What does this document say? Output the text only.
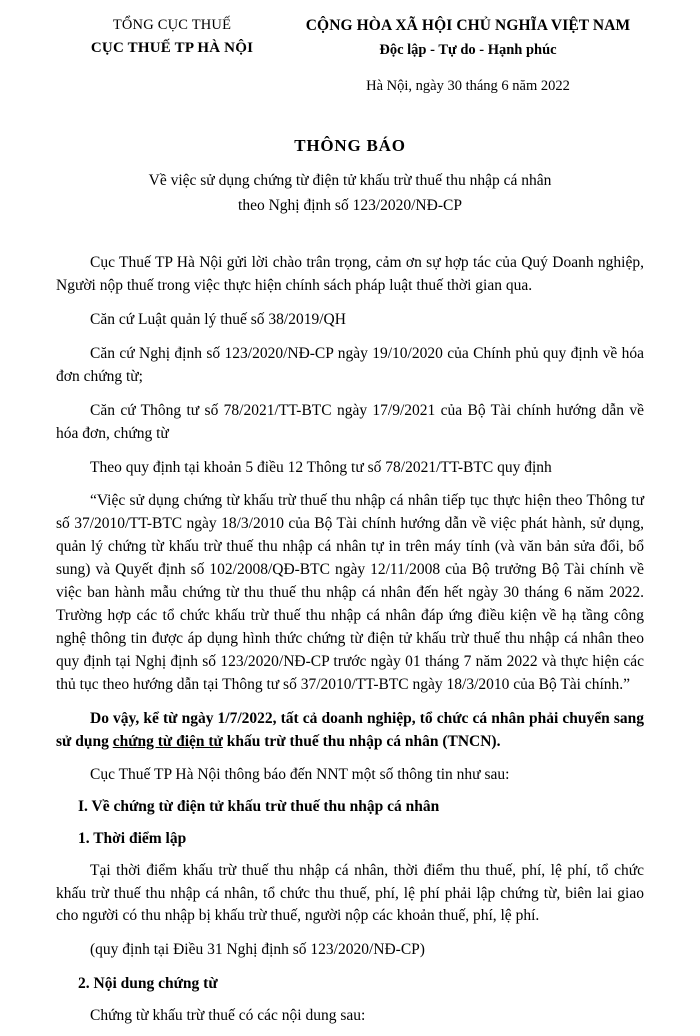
TỔNG CỤC THUẾ
CỤC THUẾ TP HÀ NỘI
CỘNG HÒA XÃ HỘI CHỦ NGHĨA VIỆT NAM
Độc lập - Tự do - Hạnh phúc
Hà Nội, ngày 30 tháng 6 năm 2022
THÔNG BÁO
Về việc sử dụng chứng từ điện tử khấu trừ thuế thu nhập cá nhân
theo Nghị định số 123/2020/NĐ-CP

Cục Thuế TP Hà Nội gửi lời chào trân trọng, cảm ơn sự hợp tác của Quý Doanh nghiệp, Người nộp thuế trong việc thực hiện chính sách pháp luật thuế thời gian qua.

Căn cứ Luật quản lý thuế số 38/2019/QH

Căn cứ Nghị định số 123/2020/NĐ-CP ngày 19/10/2020 của Chính phủ quy định về hóa đơn chứng từ;

Căn cứ Thông tư số 78/2021/TT-BTC ngày 17/9/2021 của Bộ Tài chính hướng dẫn về hóa đơn, chứng từ

Theo quy định tại khoản 5 điều 12 Thông tư số 78/2021/TT-BTC quy định

“Việc sử dụng chứng từ khấu trừ thuế thu nhập cá nhân tiếp tục thực hiện theo Thông tư số 37/2010/TT-BTC ngày 18/3/2010 của Bộ Tài chính hướng dẫn về việc phát hành, sử dụng, quản lý chứng từ khấu trừ thuế thu nhập cá nhân tự in trên máy tính (và văn bản sửa đổi, bổ sung) và Quyết định số 102/2008/QĐ-BTC ngày 12/11/2008 của Bộ trưởng Bộ Tài chính về việc ban hành mẫu chứng từ thu thuế thu nhập cá nhân đến hết ngày 30 tháng 6 năm 2022. Trường hợp các tổ chức khấu trừ thuế thu nhập cá nhân đáp ứng điều kiện về hạ tầng công nghệ thông tin được áp dụng hình thức chứng từ điện tử khấu trừ thuế thu nhập cá nhân theo quy định tại Nghị định số 123/2020/NĐ-CP trước ngày 01 tháng 7 năm 2022 và thực hiện các thủ tục theo hướng dẫn tại Thông tư số 37/2010/TT-BTC ngày 18/3/2010 của Bộ Tài chính.”

Do vậy, kể từ ngày 1/7/2022, tất cả doanh nghiệp, tổ chức cá nhân phải chuyển sang sử dụng chứng từ điện tử khấu trừ thuế thu nhập cá nhân (TNCN).

Cục Thuế TP Hà Nội thông báo đến NNT một số thông tin như sau:

I. Về chứng từ điện tử khấu trừ thuế thu nhập cá nhân

1. Thời điểm lập

Tại thời điểm khấu trừ thuế thu nhập cá nhân, thời điểm thu thuế, phí, lệ phí, tổ chức khấu trừ thuế thu nhập cá nhân, tổ chức thu thuế, phí, lệ phí phải lập chứng từ, biên lai giao cho người có thu nhập bị khấu trừ thuế, người nộp các khoản thuế, phí, lệ phí.

(quy định tại Điều 31 Nghị định số 123/2020/NĐ-CP)

2. Nội dung chứng từ

Chứng từ khấu trừ thuế có các nội dung sau:
